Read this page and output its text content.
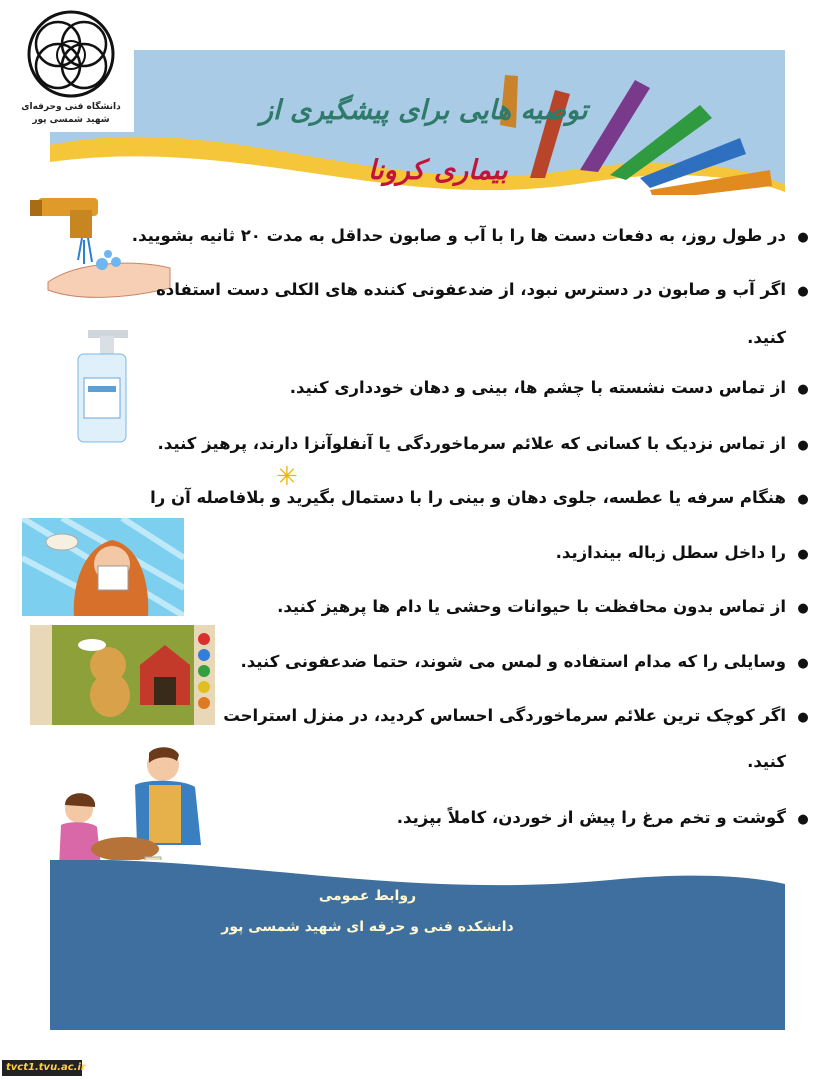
توصیه هایی برای پیشگیری از
بیماری کرونا
دانشگاه فنی وحرفه‌ای
شهید شمسی پور
✳
●در طول روز، به دفعات دست ها را با آب و صابون حداقل به مدت ۲۰ ثانیه بشویید.
●اگر آب و صابون در دسترس نبود، از ضدعفونی کننده های الکلی دست استفاده
کنید.
●از تماس دست نشسته با چشم ها، بینی و دهان خودداری کنید.
●از تماس نزدیک با کسانی که علائم سرماخوردگی یا آنفلوآنزا دارند، پرهیز کنید.
●هنگام سرفه یا عطسه، جلوی دهان و بینی را با دستمال بگیرید و بلافاصله آن را
●را داخل سطل زباله بیندازید.
●از تماس بدون محافظت با حیوانات وحشی یا دام ها پرهیز کنید.
●وسایلی را که مدام استفاده و لمس می شوند، حتما ضدعفونی کنید.
●اگر کوچک ترین علائم سرماخوردگی احساس کردید، در منزل استراحت
کنید.
●گوشت و تخم مرغ را پیش از خوردن، کاملاً بپزید.
روابط عمومی
دانشکده فنی و حرفه ای شهید شمسی پور
tvct1.tvu.ac.ir
